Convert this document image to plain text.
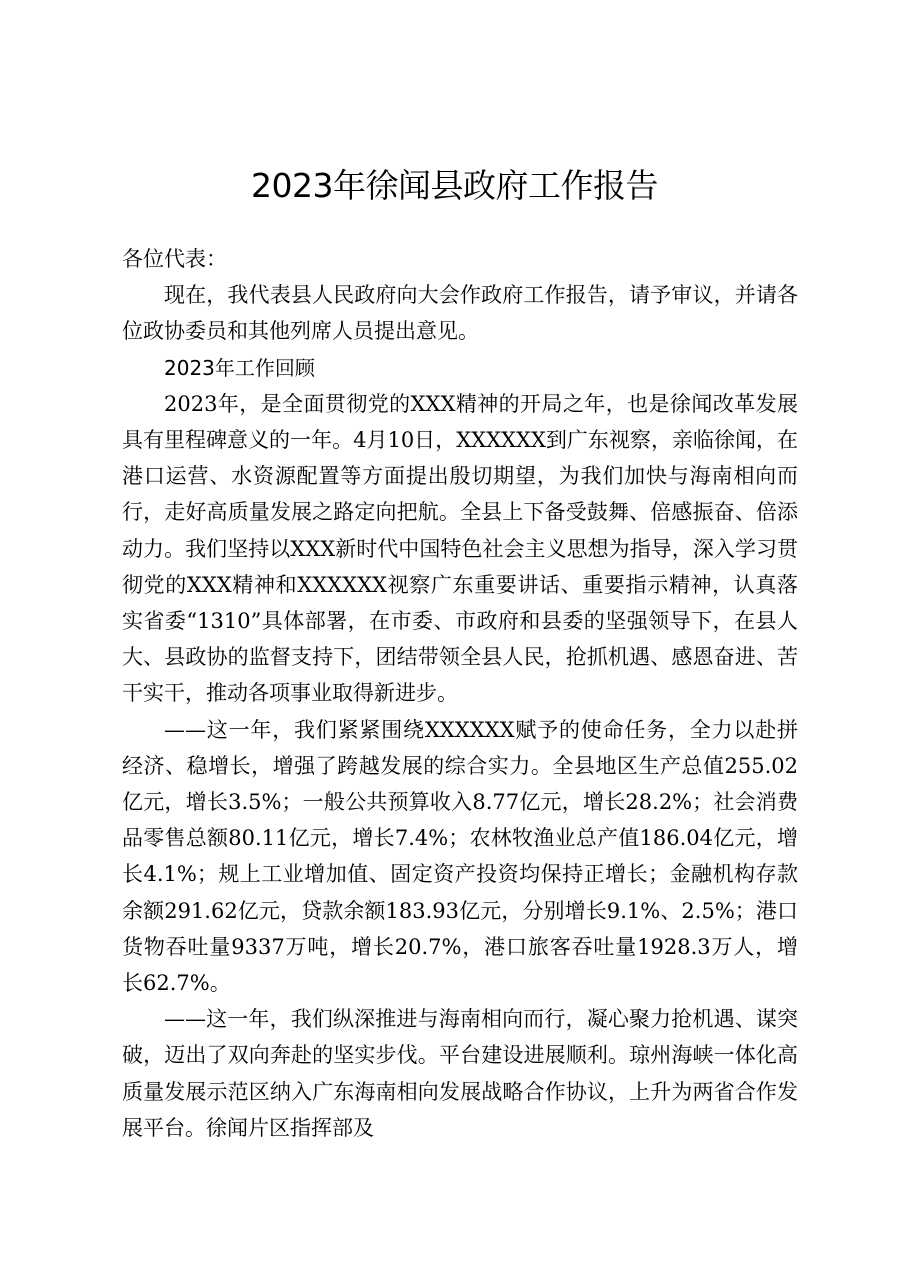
2023年徐闻县政府工作报告

各位代表：

现在，我代表县人民政府向大会作政府工作报告，请予审议，并请各位政协委员和其他列席人员提出意见。

2023年工作回顾

2023年，是全面贯彻党的XXX精神的开局之年，也是徐闻改革发展具有里程碑意义的一年。4月10日，XXXXXX到广东视察，亲临徐闻，在港口运营、水资源配置等方面提出殷切期望，为我们加快与海南相向而行，走好高质量发展之路定向把航。全县上下备受鼓舞、倍感振奋、倍添动力。我们坚持以XXX新时代中国特色社会主义思想为指导，深入学习贯彻党的XXX精神和XXXXXX视察广东重要讲话、重要指示精神，认真落实省委“1310”具体部署，在市委、市政府和县委的坚强领导下，在县人大、县政协的监督支持下，团结带领全县人民，抢抓机遇、感恩奋进、苦干实干，推动各项事业取得新进步。

——这一年，我们紧紧围绕XXXXXX赋予的使命任务，全力以赴拼经济、稳增长，增强了跨越发展的综合实力。全县地区生产总值255.02亿元，增长3.5%；一般公共预算收入8.77亿元，增长28.2%；社会消费品零售总额80.11亿元，增长7.4%；农林牧渔业总产值186.04亿元，增长4.1%；规上工业增加值、固定资产投资均保持正增长；金融机构存款余额291.62亿元，贷款余额183.93亿元，分别增长9.1%、2.5%；港口货物吞吐量9337万吨，增长20.7%，港口旅客吞吐量1928.3万人，增长62.7%。

——这一年，我们纵深推进与海南相向而行，凝心聚力抢机遇、谋突破，迈出了双向奔赴的坚实步伐。平台建设进展顺利。琼州海峡一体化高质量发展示范区纳入广东海南相向发展战略合作协议，上升为两省合作发展平台。徐闻片区指挥部及
